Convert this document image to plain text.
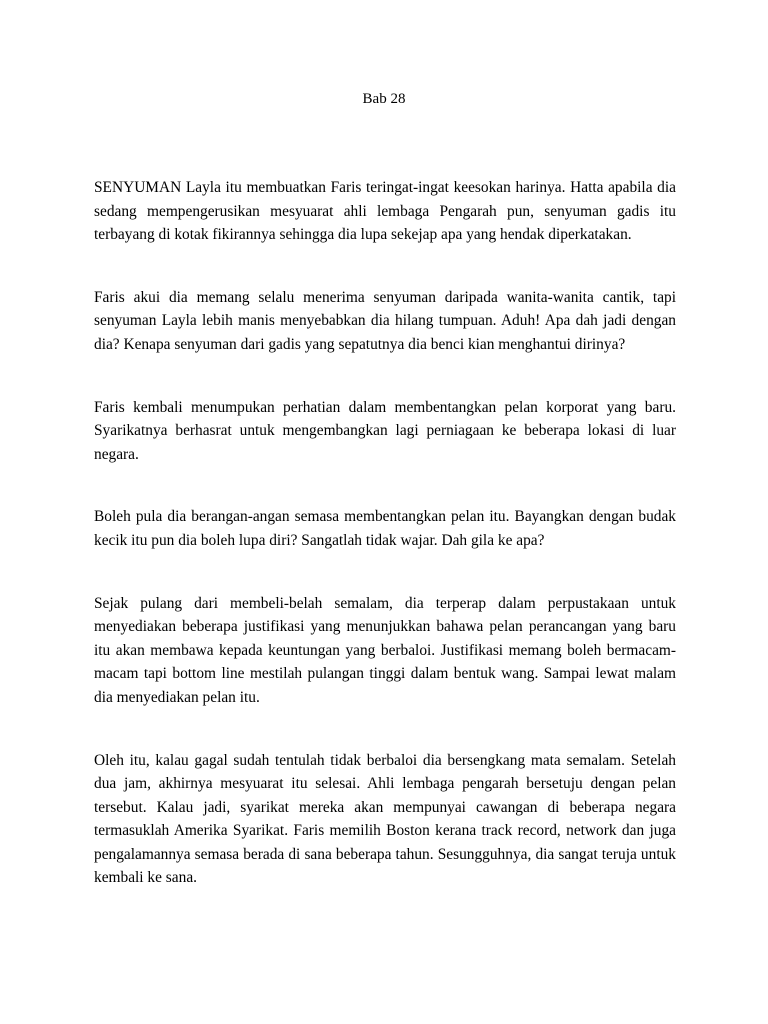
Bab 28

SENYUMAN Layla itu membuatkan Faris teringat-ingat keesokan harinya. Hatta apabila dia sedang mempengerusikan mesyuarat ahli lembaga Pengarah pun, senyuman gadis itu terbayang di kotak fikirannya sehingga dia lupa sekejap apa yang hendak diperkatakan.

Faris akui dia memang selalu menerima senyuman daripada wanita-wanita cantik, tapi senyuman Layla lebih manis menyebabkan dia hilang tumpuan. Aduh! Apa dah jadi dengan dia? Kenapa senyuman dari gadis yang sepatutnya dia benci kian menghantui dirinya?

Faris kembali menumpukan perhatian dalam membentangkan pelan korporat yang baru. Syarikatnya berhasrat untuk mengembangkan lagi perniagaan ke beberapa lokasi di luar negara.

Boleh pula dia berangan-angan semasa membentangkan pelan itu. Bayangkan dengan budak kecik itu pun dia boleh lupa diri? Sangatlah tidak wajar. Dah gila ke apa?

Sejak pulang dari membeli-belah semalam, dia terperap dalam perpustakaan untuk menyediakan beberapa justifikasi yang menunjukkan bahawa pelan perancangan yang baru itu akan membawa kepada keuntungan yang berbaloi. Justifikasi memang boleh bermacam-macam tapi bottom line mestilah pulangan tinggi dalam bentuk wang. Sampai lewat malam dia menyediakan pelan itu.

Oleh itu, kalau gagal sudah tentulah tidak berbaloi dia bersengkang mata semalam. Setelah dua jam, akhirnya mesyuarat itu selesai. Ahli lembaga pengarah bersetuju dengan pelan tersebut. Kalau jadi, syarikat mereka akan mempunyai cawangan di beberapa negara termasuklah Amerika Syarikat. Faris memilih Boston kerana track record, network dan juga pengalamannya semasa berada di sana beberapa tahun. Sesungguhnya, dia sangat teruja untuk kembali ke sana.
